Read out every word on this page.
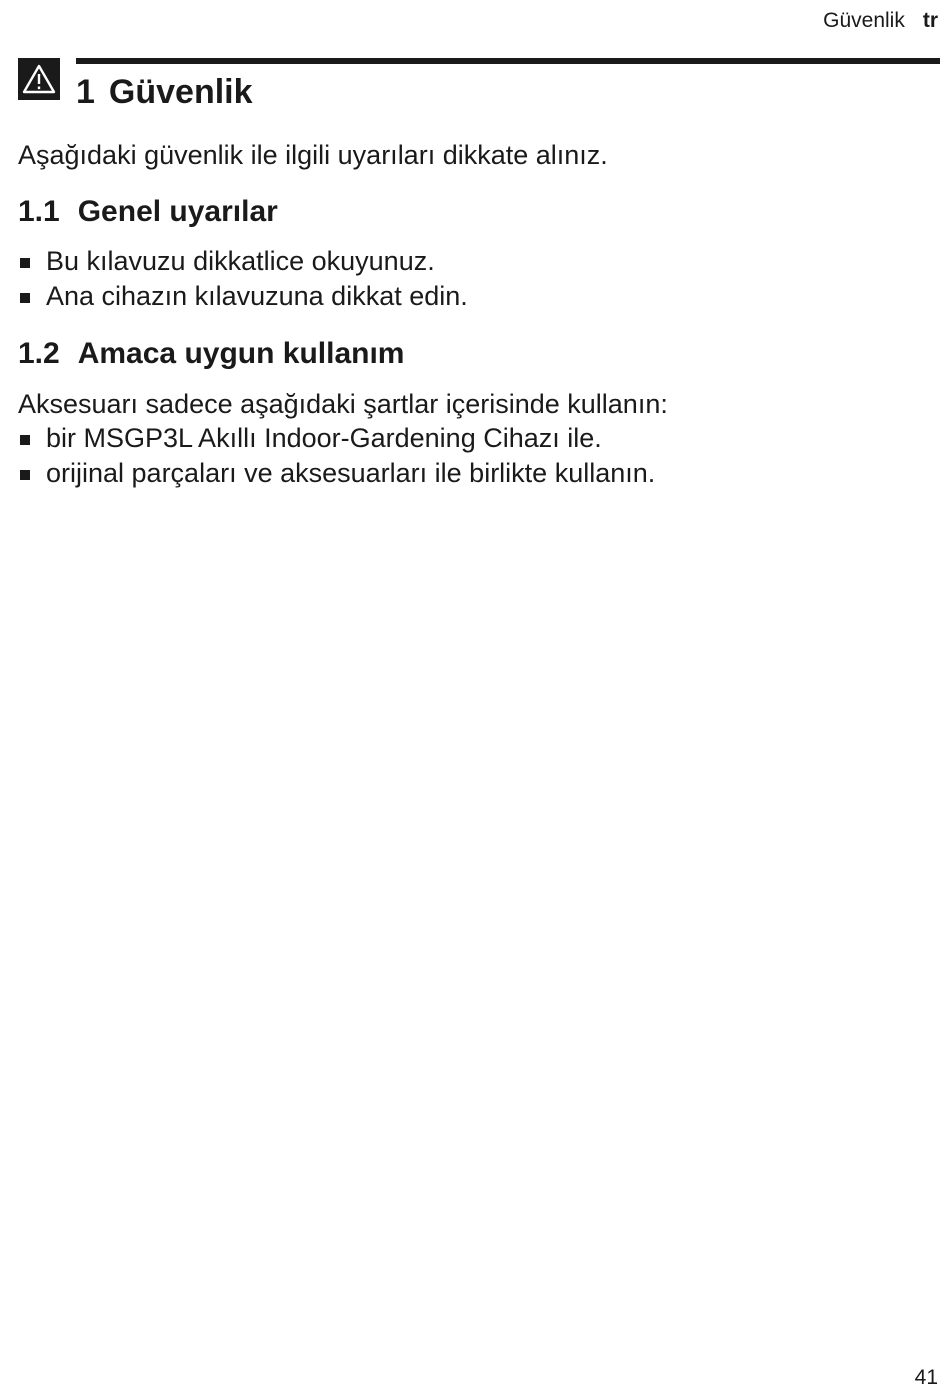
Güvenlik tr
1 Güvenlik

Aşağıdaki güvenlik ile ilgili uyarıları dikkate alınız.

1.1 Genel uyarılar
Bu kılavuzu dikkatlice okuyunuz.
Ana cihazın kılavuzuna dikkat edin.
1.2 Amaca uygun kullanım

Aksesuarı sadece aşağıdaki şartlar içerisinde kullanın:

bir MSGP3L Akıllı Indoor-Gardening Cihazı ile.
orijinal parçaları ve aksesuarları ile birlikte kullanın.
41
